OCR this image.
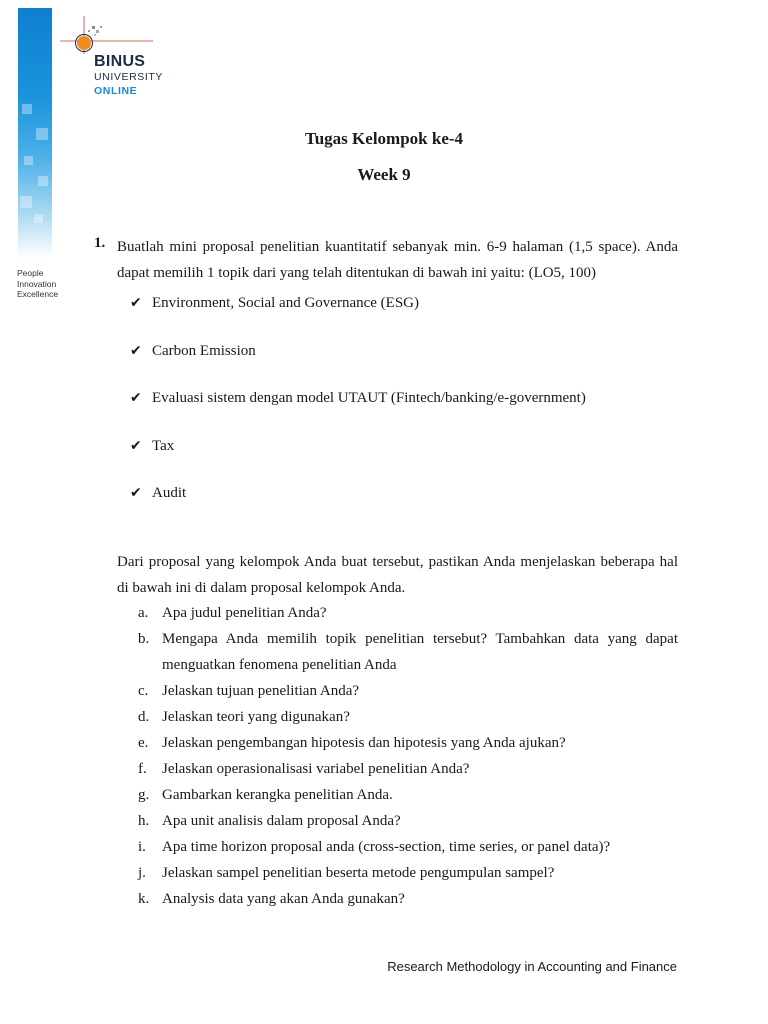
People
Innovation
Excellence
BINUS
UNIVERSITY
ONLINE
Tugas Kelompok ke-4
Week 9
1. Buatlah mini proposal penelitian kuantitatif sebanyak min. 6-9 halaman (1,5 space). Anda dapat memilih 1 topik dari yang telah ditentukan di bawah ini yaitu: (LO5, 100)
✔ Environment, Social and Governance (ESG)
✔ Carbon Emission
✔ Evaluasi sistem dengan model UTAUT (Fintech/banking/e-government)
✔ Tax
✔ Audit
Dari proposal yang kelompok Anda buat tersebut, pastikan Anda menjelaskan beberapa hal di bawah ini di dalam proposal kelompok Anda.
a. Apa judul penelitian Anda?
b. Mengapa Anda memilih topik penelitian tersebut? Tambahkan data yang dapat menguatkan fenomena penelitian Anda
c. Jelaskan tujuan penelitian Anda?
d. Jelaskan teori yang digunakan?
e. Jelaskan pengembangan hipotesis dan hipotesis yang Anda ajukan?
f. Jelaskan operasionalisasi variabel penelitian Anda?
g. Gambarkan kerangka penelitian Anda.
h. Apa unit analisis dalam proposal Anda?
i. Apa time horizon proposal anda (cross-section, time series, or panel data)?
j. Jelaskan sampel penelitian beserta metode pengumpulan sampel?
k. Analysis data yang akan Anda gunakan?
Research Methodology in Accounting and Finance
